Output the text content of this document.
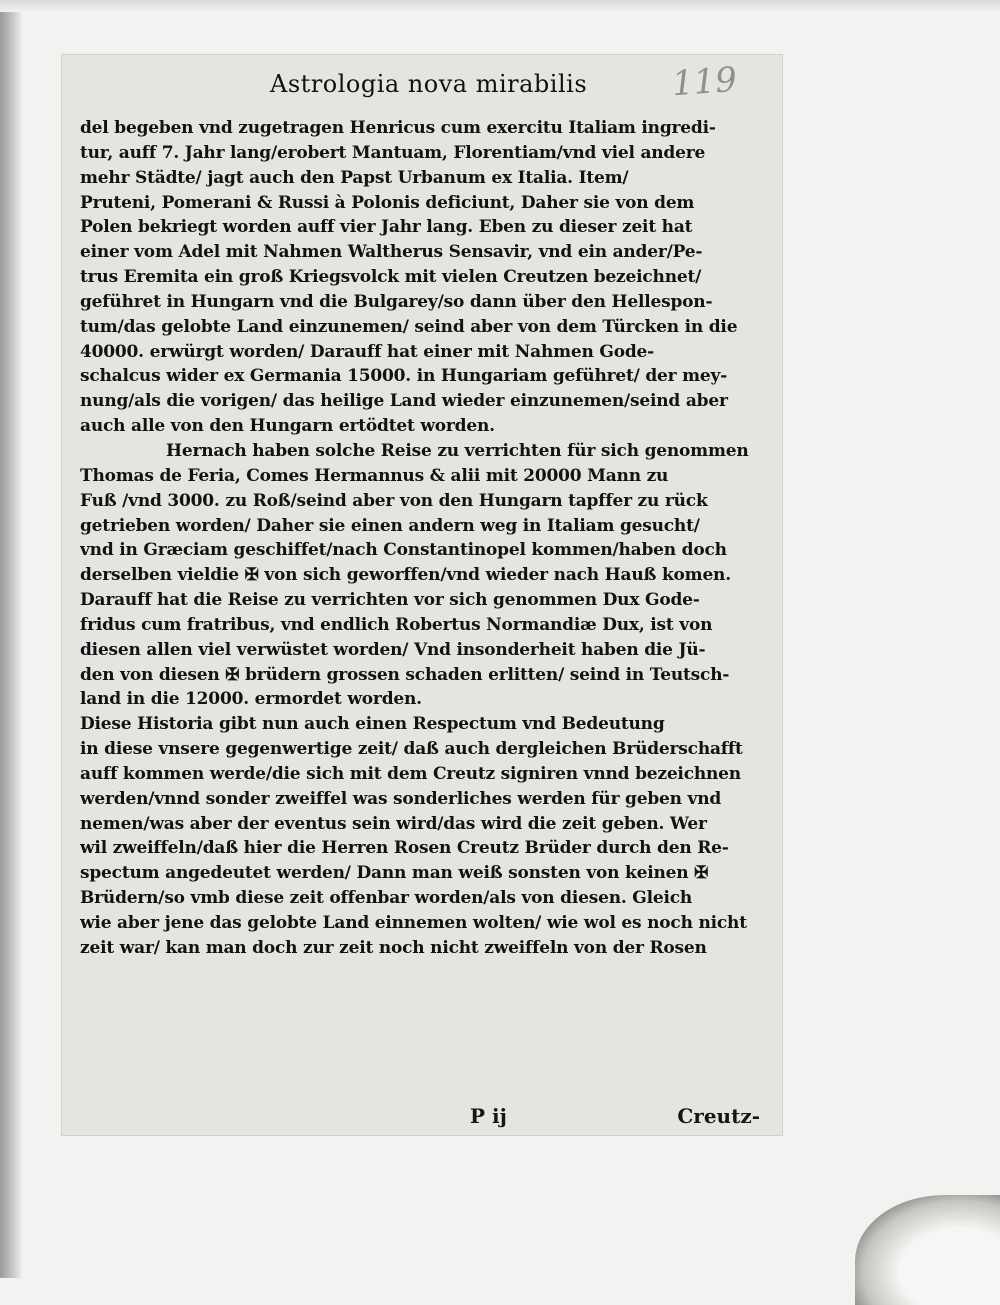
Astrologia nova mirabilis	119
del begeben vnd zugetragen Henricus cum exercitu Italiam ingredi-
tur, auff 7. Jahr lang/erobert Mantuam, Florentiam/vnd viel andere
mehr Städte/ jagt auch den Papst Urbanum ex Italia. Item/
Pruteni, Pomerani & Russi à Polonis deficiunt, Daher sie von dem
Polen bekriegt worden auff vier Jahr lang. Eben zu dieser zeit hat
einer vom Adel mit Nahmen Waltherus Sensavir, vnd ein ander/Pe-
trus Eremita ein groß Kriegsvolck mit vielen Creutzen bezeichnet/
geführet in Hungarn vnd die Bulgarey/so dann über den Hellespon-
tum/das gelobte Land einzunemen/ seind aber von dem Türcken in die
40000. erwürgt worden/ Darauff hat einer mit Nahmen Gode-
schalcus wider ex Germania 15000. in Hungariam geführet/ der mey-
nung/als die vorigen/ das heilige Land wieder einzunemen/seind aber
auch alle von den Hungarn ertödtet worden.
Hernach haben solche Reise zu verrichten für sich genommen
Thomas de Feria, Comes Hermannus & alii mit 20000 Mann zu
Fuß /vnd 3000. zu Roß/seind aber von den Hungarn tapffer zu rück
getrieben worden/ Daher sie einen andern weg in Italiam gesucht/
vnd in Græciam geschiffet/nach Constantinopel kommen/haben doch
derselben vieldie ✠ von sich geworffen/vnd wieder nach Hauß komen.
Darauff hat die Reise zu verrichten vor sich genommen Dux Gode-
fridus cum fratribus, vnd endlich Robertus Normandiæ Dux, ist von
diesen allen viel verwüstet worden/ Vnd insonderheit haben die Jü-
den von diesen ✠ brüdern grossen schaden erlitten/ seind in Teutsch-
land in die 12000. ermordet worden.
Diese Historia gibt nun auch einen Respectum vnd Bedeutung
in diese vnsere gegenwertige zeit/ daß auch dergleichen Brüderschafft
auff kommen werde/die sich mit dem Creutz signiren vnnd bezeichnen
werden/vnnd sonder zweiffel was sonderliches werden für geben vnd
nemen/was aber der eventus sein wird/das wird die zeit geben. Wer
wil zweiffeln/daß hier die Herren Rosen Creutz Brüder durch den Re-
spectum angedeutet werden/ Dann man weiß sonsten von keinen ✠
Brüdern/so vmb diese zeit offenbar worden/als von diesen. Gleich
wie aber jene das gelobte Land einnemen wolten/ wie wol es noch nicht
zeit war/ kan man doch zur zeit noch nicht zweiffeln von der Rosen
P ij	Creutz-
